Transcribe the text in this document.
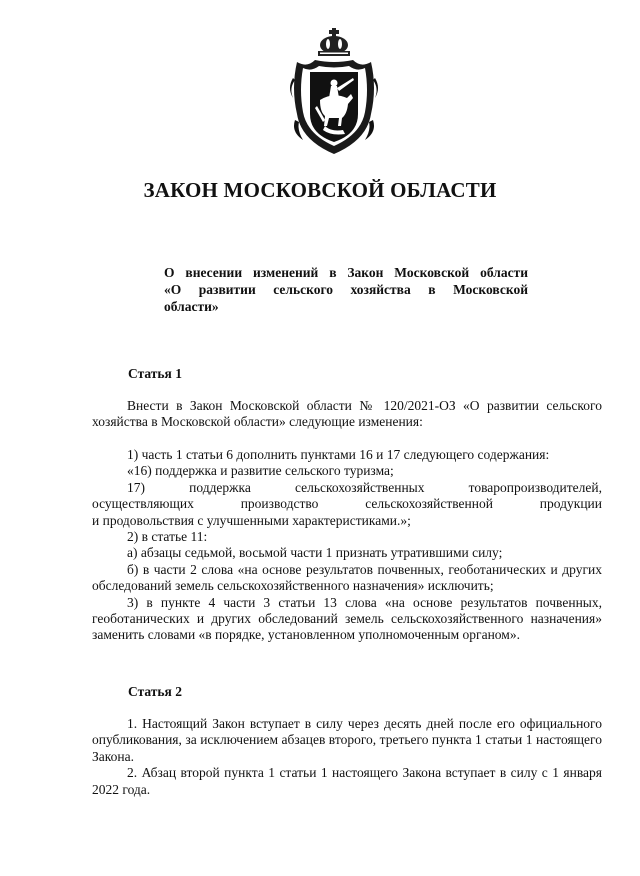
ЗАКОН МОСКОВСКОЙ ОБЛАСТИ
О внесении изменений в Закон Московской области
«О развитии сельского хозяйства в Московской
области»
Статья 1

Внести в Закон Московской области № 120/2021-ОЗ «О развитии сельского хозяйства в Московской области» следующие изменения:

1) часть 1 статьи 6 дополнить пунктами 16 и 17 следующего содержания:

«16) поддержка и развитие сельского туризма;

17) поддержка сельскохозяйственных товаропроизводителей,

осуществляющих производство сельскохозяйственной продукции

и продовольствия с улучшенными характеристиками.»;

2) в статье 11:

а) абзацы седьмой, восьмой части 1 признать утратившими силу;

б) в части 2 слова «на основе результатов почвенных, геоботанических и других обследований земель сельскохозяйственного назначения» исключить;

3) в пункте 4 части 3 статьи 13 слова «на основе результатов почвенных, геоботанических и других обследований земель сельскохозяйственного назначения» заменить словами «в порядке, установленном уполномоченным органом».

Статья 2

1. Настоящий Закон вступает в силу через десять дней после его официального опубликования, за исключением абзацев второго, третьего пункта 1 статьи 1 настоящего Закона.

2. Абзац второй пункта 1 статьи 1 настоящего Закона вступает в силу с 1 января 2022 года.
